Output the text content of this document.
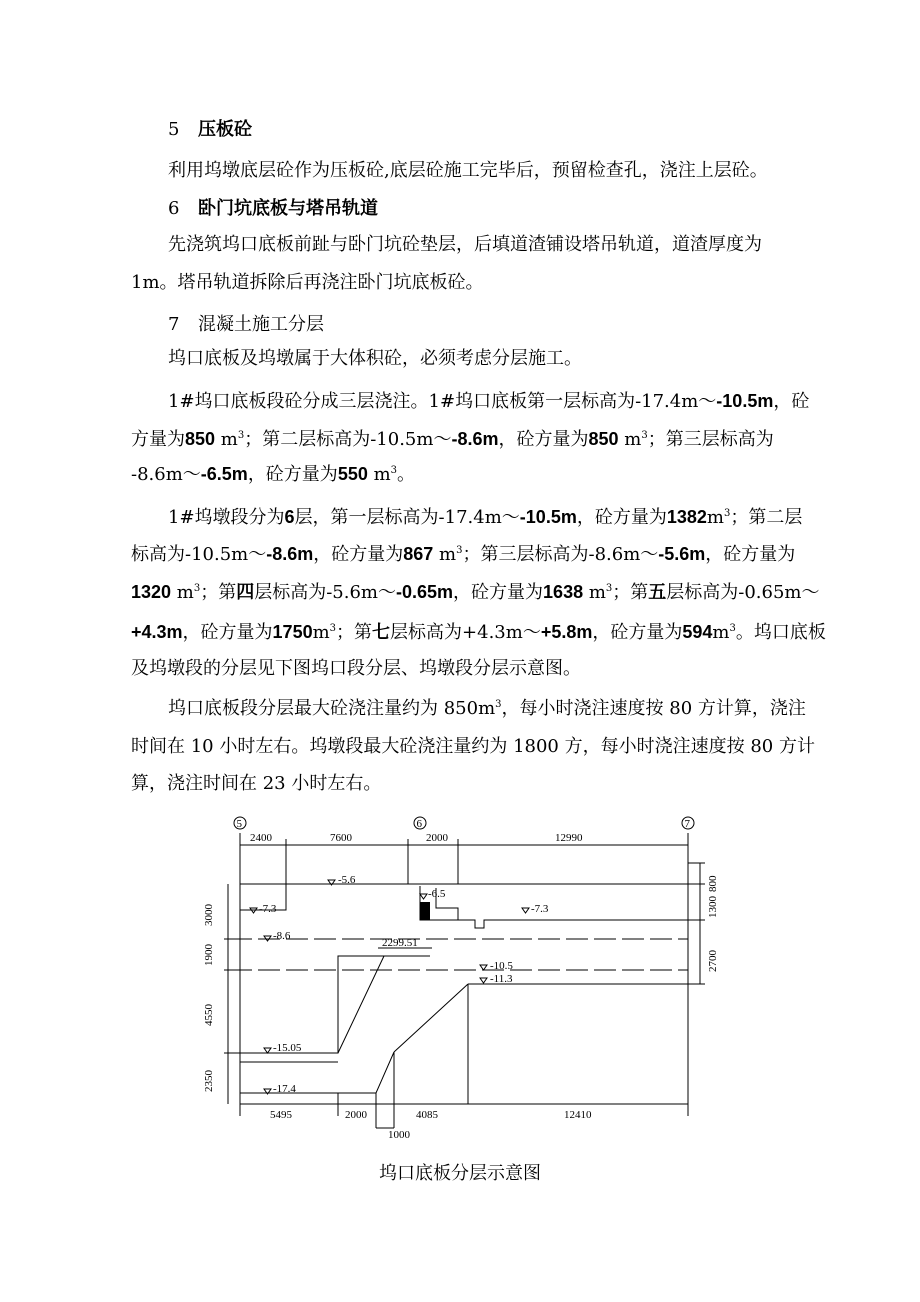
5 压板砼
利用坞墩底层砼作为压板砼,底层砼施工完毕后，预留检查孔，浇注上层砼。
6 卧门坑底板与塔吊轨道
先浇筑坞口底板前趾与卧门坑砼垫层，后填道渣铺设塔吊轨道，道渣厚度为
1m。塔吊轨道拆除后再浇注卧门坑底板砼。
7 混凝土施工分层
坞口底板及坞墩属于大体积砼，必须考虑分层施工。
1#坞口底板段砼分成三层浇注。1#坞口底板第一层标高为-17.4m～-10.5m，砼
方量为850 $m^3$；第二层标高为-10.5m～-8.6m，砼方量为850 $m^3$；第三层标高为
-8.6m～-6.5m，砼方量为550 $m^3$。
1#坞墩段分为6层，第一层标高为-17.4m～-10.5m，砼方量为$1382m^3$；第二层
标高为-10.5m～-8.6m，砼方量为867 $m^3$；第三层标高为-8.6m～-5.6m，砼方量为
1320 $m^3$；第四层标高为-5.6m～-0.65m，砼方量为1638 $m^3$；第五层标高为-0.65m～
+4.3m，砼方量为$1750m^3$；第七层标高为+4.3m～+5.8m，砼方量为$594m^3$。坞口底板
及坞墩段的分层见下图坞口段分层、坞墩段分层示意图。
坞口底板段分层最大砼浇注量约为 $850m^3$，每小时浇注速度按 80 方计算，浇注
时间在 10 小时左右。坞墩段最大砼浇注量约为 1800 方，每小时浇注速度按 80 方计
算，浇注时间在 23 小时左右。
5	6	7
2400	7600	2000	12990
5495	2000	4085	12410
1000
3000
1900
4550
2350
1300
800
2700
-5.6
-6.5
-7.3	-7.3
-8.6
-10.5
-11.3
-15.05
-17.4
2299.51
坞口底板分层示意图
